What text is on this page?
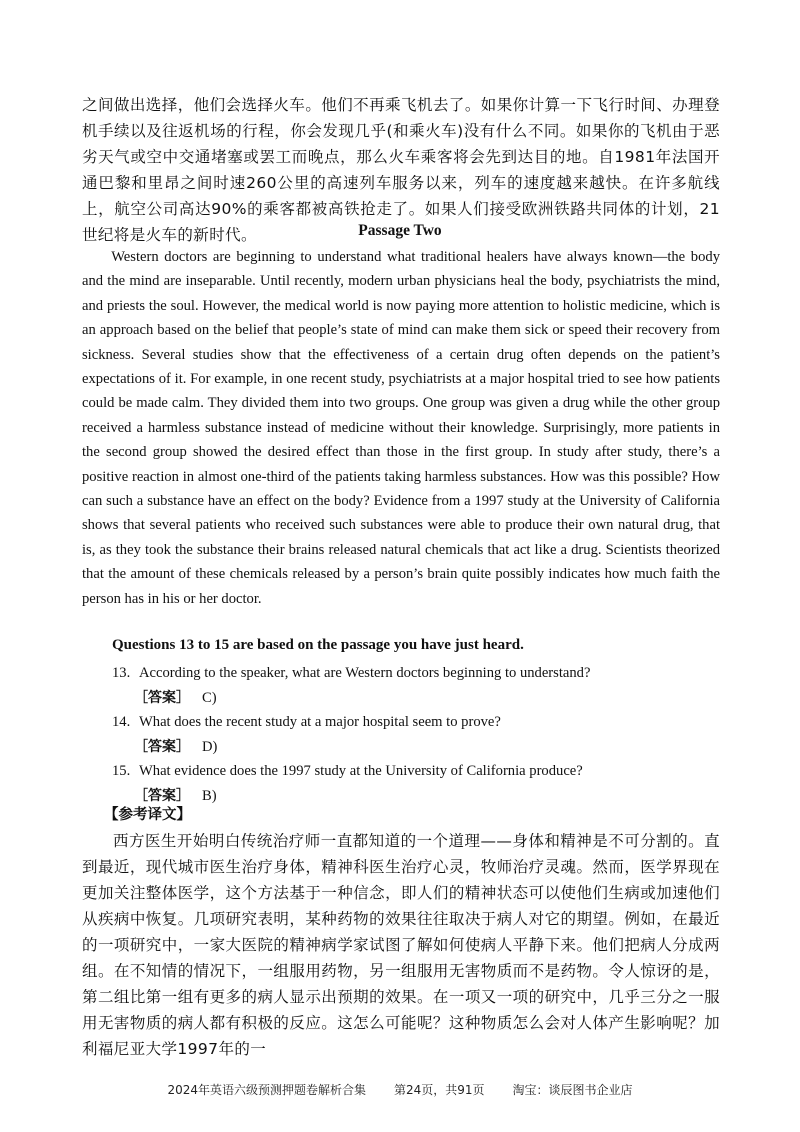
之间做出选择，他们会选择火车。他们不再乘飞机去了。如果你计算一下飞行时间、办理登机手续以及往返机场的行程，你会发现几乎(和乘火车)没有什么不同。如果你的飞机由于恶劣天气或空中交通堵塞或罢工而晚点，那么火车乘客将会先到达目的地。自1981年法国开通巴黎和里昂之间时速260公里的高速列车服务以来，列车的速度越来越快。在许多航线上，航空公司高达90%的乘客都被高铁抢走了。如果人们接受欧洲铁路共同体的计划，21世纪将是火车的新时代。	Passage Two

Western doctors are beginning to understand what traditional healers have always known—the body and the mind are inseparable. Until recently, modern urban physicians heal the body, psychiatrists the mind, and priests the soul. However, the medical world is now paying more attention to holistic medicine, which is an approach based on the belief that people’s state of mind can make them sick or speed their recovery from sickness. Several studies show that the effectiveness of a certain drug often depends on the patient’s expectations of it. For example, in one recent study, psychiatrists at a major hospital tried to see how patients could be made calm. They divided them into two groups. One group was given a drug while the other group received a harmless substance instead of medicine without their knowledge. Surprisingly, more patients in the second group showed the desired effect than those in the first group. In study after study, there’s a positive reaction in almost one-third of the patients taking harmless substances. How was this possible? How can such a substance have an effect on the body? Evidence from a 1997 study at the University of California shows that several patients who received such substances were able to produce their own natural drug, that is, as they took the substance their brains released natural chemicals that act like a drug. Scientists theorized that the amount of these chemicals released by a person’s brain quite possibly indicates how much faith the person has in his or her doctor.

Questions 13 to 15 are based on the passage you have just heard.
13. According to the speaker, what are Western doctors beginning to understand?
［答案］ C)
14. What does the recent study at a major hospital seem to prove?
［答案］ D)
15. What evidence does the 1997 study at the University of California produce?
［答案］ B)
【参考译文】

西方医生开始明白传统治疗师一直都知道的一个道理——身体和精神是不可分割的。直到最近，现代城市医生治疗身体，精神科医生治疗心灵，牧师治疗灵魂。然而，医学界现在更加关注整体医学，这个方法基于一种信念，即人们的精神状态可以使他们生病或加速他们从疾病中恢复。几项研究表明，某种药物的效果往往取决于病人对它的期望。例如，在最近的一项研究中，一家大医院的精神病学家试图了解如何使病人平静下来。他们把病人分成两组。在不知情的情况下，一组服用药物，另一组服用无害物质而不是药物。令人惊讶的是，第二组比第一组有更多的病人显示出预期的效果。在一项又一项的研究中，几乎三分之一服用无害物质的病人都有积极的反应。这怎么可能呢？这种物质怎么会对人体产生影响呢？加利福尼亚大学1997年的一

2024年英语六级预测押题卷解析合集 第24页，共91页 淘宝：谈辰图书企业店
